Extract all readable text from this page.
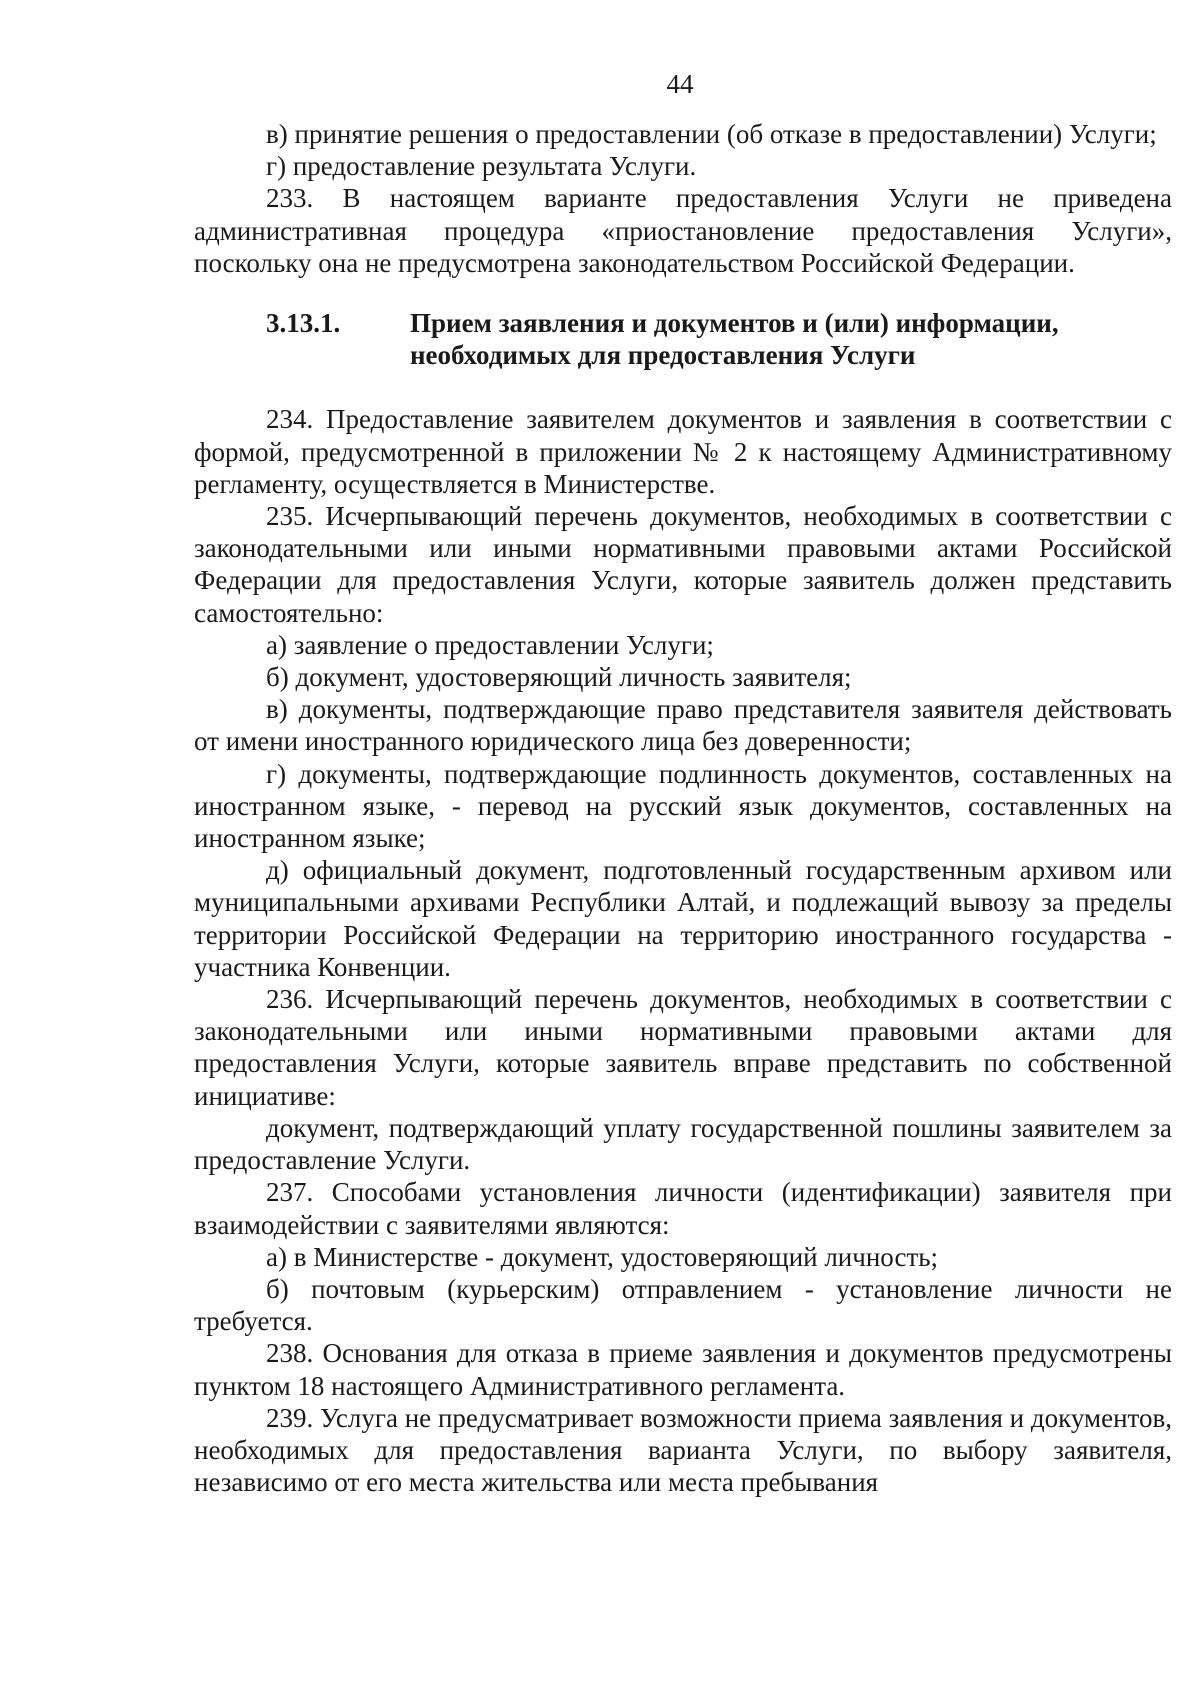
44

в) принятие решения о предоставлении (об отказе в предоставлении) Услуги;

г) предоставление результата Услуги.

233. В настоящем варианте предоставления Услуги не приведена административная процедура «приостановление предоставления Услуги», поскольку она не предусмотрена законодательством Российской Федерации.

3.13.1.	Прием заявления и документов и (или) информации, необходимых для предоставления Услуги

234. Предоставление заявителем документов и заявления в соответствии с формой, предусмотренной в приложении № 2 к настоящему Административному регламенту, осуществляется в Министерстве.

235. Исчерпывающий перечень документов, необходимых в соответствии с законодательными или иными нормативными правовыми актами Российской Федерации для предоставления Услуги, которые заявитель должен представить самостоятельно:

а) заявление о предоставлении Услуги;

б) документ, удостоверяющий личность заявителя;

в) документы, подтверждающие право представителя заявителя действовать от имени иностранного юридического лица без доверенности;

г) документы, подтверждающие подлинность документов, составленных на иностранном языке, - перевод на русский язык документов, составленных на иностранном языке;

д) официальный документ, подготовленный государственным архивом или муниципальными архивами Республики Алтай, и подлежащий вывозу за пределы территории Российской Федерации на территорию иностранного государства - участника Конвенции.

236. Исчерпывающий перечень документов, необходимых в соответствии с законодательными или иными нормативными правовыми актами для предоставления Услуги, которые заявитель вправе представить по собственной инициативе:

документ, подтверждающий уплату государственной пошлины заявителем за предоставление Услуги.

237. Способами установления личности (идентификации) заявителя при взаимодействии с заявителями являются:

а) в Министерстве - документ, удостоверяющий личность;

б) почтовым (курьерским) отправлением - установление личности не требуется.

238. Основания для отказа в приеме заявления и документов предусмотрены пунктом 18 настоящего Административного регламента.

239. Услуга не предусматривает возможности приема заявления и документов, необходимых для предоставления варианта Услуги, по выбору заявителя, независимо от его места жительства или места пребывания
